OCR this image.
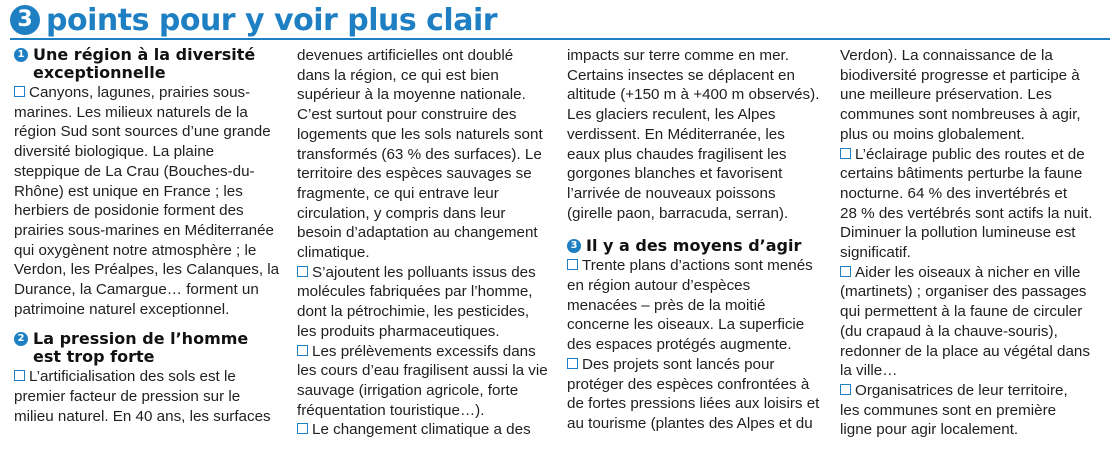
3 points pour y voir plus clair
1 Une région à la diversité
exceptionnelle
Canyons, lagunes, prairies sous-
marines. Les milieux naturels de la
région Sud sont sources d’une grande
diversité biologique. La plaine
steppique de La Crau (Bouches-du-
Rhône) est unique en France ; les
herbiers de posidonie forment des
prairies sous-marines en Méditerranée
qui oxygènent notre atmosphère ; le
Verdon, les Préalpes, les Calanques, la
Durance, la Camargue… forment un
patrimoine naturel exceptionnel.
2 La pression de l’homme
est trop forte
L’artificialisation des sols est le
premier facteur de pression sur le
milieu naturel. En 40 ans, les surfaces
devenues artificielles ont doublé
dans la région, ce qui est bien
supérieur à la moyenne nationale.
C’est surtout pour construire des
logements que les sols naturels sont
transformés (63 % des surfaces). Le
territoire des espèces sauvages se
fragmente, ce qui entrave leur
circulation, y compris dans leur
besoin d’adaptation au changement
climatique.
S’ajoutent les polluants issus des
molécules fabriquées par l’homme,
dont la pétrochimie, les pesticides,
les produits pharmaceutiques.
Les prélèvements excessifs dans
les cours d’eau fragilisent aussi la vie
sauvage (irrigation agricole, forte
fréquentation touristique…).
Le changement climatique a des
impacts sur terre comme en mer.
Certains insectes se déplacent en
altitude (+150 m à +400 m observés).
Les glaciers reculent, les Alpes
verdissent. En Méditerranée, les
eaux plus chaudes fragilisent les
gorgones blanches et favorisent
l’arrivée de nouveaux poissons
(girelle paon, barracuda, serran).
3 Il y a des moyens d’agir
Trente plans d’actions sont menés
en région autour d’espèces
menacées – près de la moitié
concerne les oiseaux. La superficie
des espaces protégés augmente.
Des projets sont lancés pour
protéger des espèces confrontées à
de fortes pressions liées aux loisirs et
au tourisme (plantes des Alpes et du
Verdon). La connaissance de la
biodiversité progresse et participe à
une meilleure préservation. Les
communes sont nombreuses à agir,
plus ou moins globalement.
L’éclairage public des routes et de
certains bâtiments perturbe la faune
nocturne. 64 % des invertébrés et
28 % des vertébrés sont actifs la nuit.
Diminuer la pollution lumineuse est
significatif.
Aider les oiseaux à nicher en ville
(martinets) ; organiser des passages
qui permettent à la faune de circuler
(du crapaud à la chauve-souris),
redonner de la place au végétal dans
la ville…
Organisatrices de leur territoire,
les communes sont en première
ligne pour agir localement.
